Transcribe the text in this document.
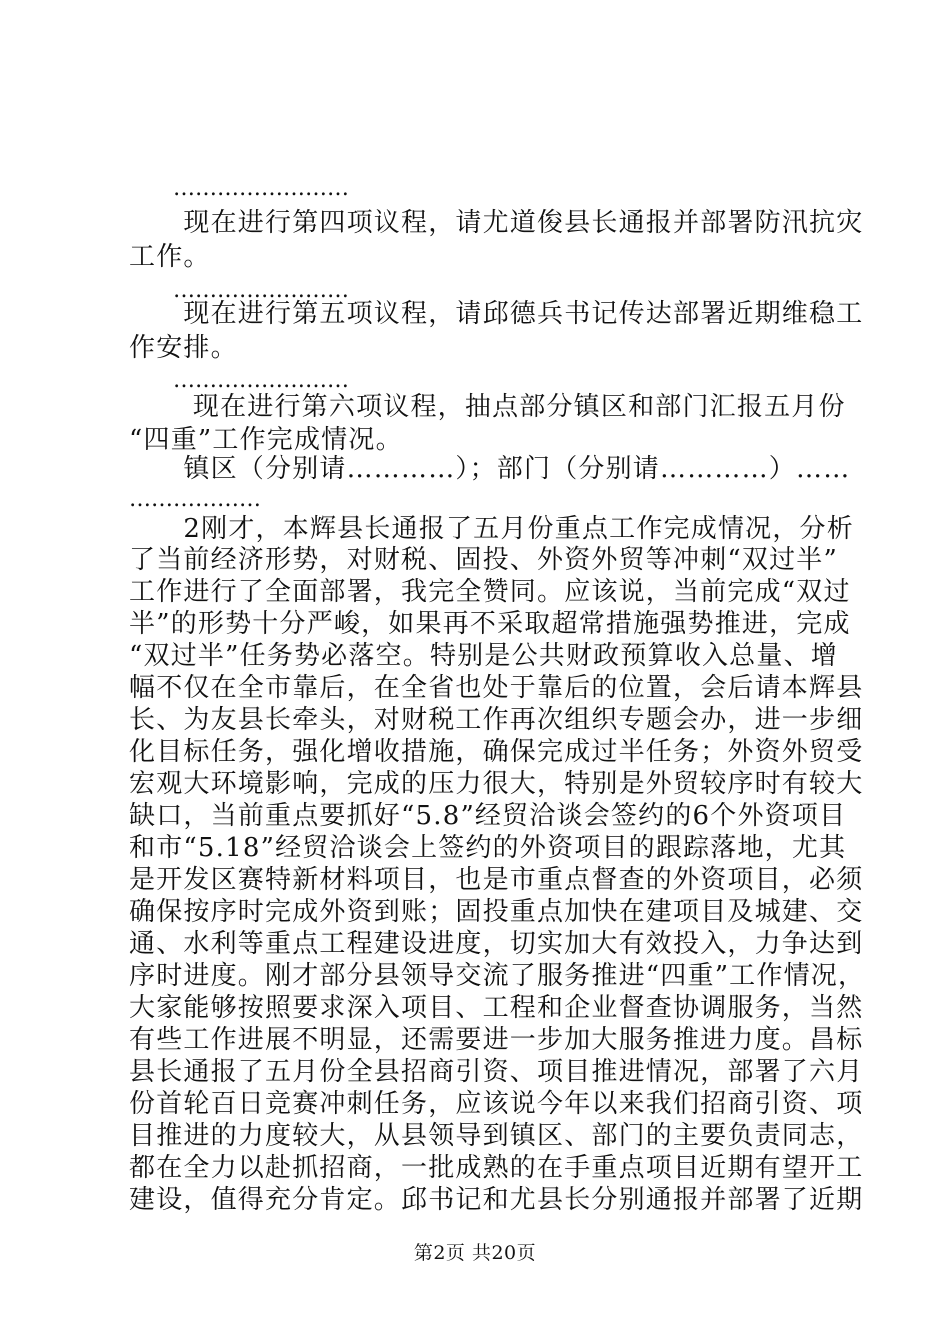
　　……………………
　　现在进行第四项议程，请尤道俊县长通报并部署防汛抗灾
工作。
　　……………………
　　现在进行第五项议程，请邱德兵书记传达部署近期维稳工
作安排。
　　……………………
　　 现在进行第六项议程，抽点部分镇区和部门汇报五月份
“四重”工作完成情况。
　　镇区（分别请…………）；部门（分别请…………）……
………………
　　2刚才，本辉县长通报了五月份重点工作完成情况，分析
了当前经济形势，对财税、固投、外资外贸等冲刺“双过半”
工作进行了全面部署，我完全赞同。应该说，当前完成“双过
半”的形势十分严峻，如果再不采取超常措施强势推进，完成
“双过半”任务势必落空。特别是公共财政预算收入总量、增
幅不仅在全市靠后，在全省也处于靠后的位置，会后请本辉县
长、为友县长牵头，对财税工作再次组织专题会办，进一步细
化目标任务，强化增收措施，确保完成过半任务；外资外贸受
宏观大环境影响，完成的压力很大，特别是外贸较序时有较大
缺口，当前重点要抓好“5.8”经贸洽谈会签约的6个外资项目
和市“5.18”经贸洽谈会上签约的外资项目的跟踪落地，尤其
是开发区赛特新材料项目，也是市重点督查的外资项目，必须
确保按序时完成外资到账；固投重点加快在建项目及城建、交
通、水利等重点工程建设进度，切实加大有效投入，力争达到
序时进度。刚才部分县领导交流了服务推进“四重”工作情况，
大家能够按照要求深入项目、工程和企业督查协调服务，当然
有些工作进展不明显，还需要进一步加大服务推进力度。昌标
县长通报了五月份全县招商引资、项目推进情况，部署了六月
份首轮百日竞赛冲刺任务，应该说今年以来我们招商引资、项
目推进的力度较大，从县领导到镇区、部门的主要负责同志，
都在全力以赴抓招商，一批成熟的在手重点项目近期有望开工
建设，值得充分肯定。邱书记和尤县长分别通报并部署了近期
第2页 共20页
